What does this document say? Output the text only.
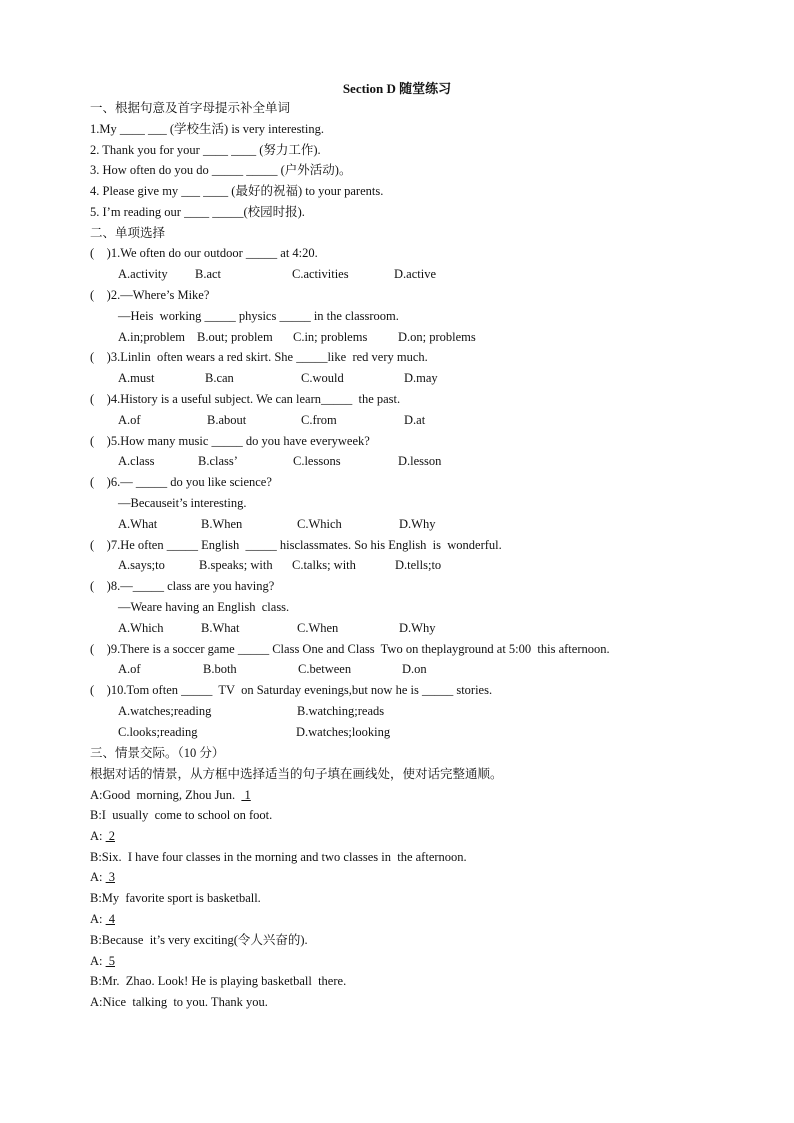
Section D 随堂练习
一、根据句意及首字母提示补全单词
1.My ____ ___ (学校生活) is very interesting.
2. Thank you for your ____ ____ (努力工作).
3. How often do you do _____ _____ (户外活动)。
4. Please give my ___ ____ (最好的祝福) to your parents.
5. I’m reading our ____ _____(校园时报).
二、单项选择
(    )1.We often do our outdoor _____ at 4:20.
A.activity B.act	C.activities	D.active
(    )2.—Where’s Mike?
—Heis  working _____ physics _____ in the classroom.
A.in;problem B.out; problem C.in; problems D.on; problems
(    )3.Linlin  often wears a red skirt. She _____like  red very much.
A.must	B.can	C.would	D.may
(    )4.History is a useful subject. We can learn_____  the past.
A.of	B.about	C.from	D.at
(    )5.How many music _____ do you have everyweek?
A.class	B.class’	C.lessons	D.lesson
(    )6.— _____ do you like science?
—Becauseit’s interesting.
A.What	B.When	C.Which	D.Why
(    )7.He often _____ English  _____ hisclassmates. So his English  is  wonderful.
A.says;to	B.speaks; with C.talks; with	D.tells;to
(    )8.—_____ class are you having?
—Weare having an English  class.
A.Which	B.What	C.When	D.Why
(    )9.There is a soccer game _____ Class One and Class  Two on theplayground at 5:00  this afternoon.
A.of	B.both	C.between	D.on
(    )10.Tom often _____  TV  on Saturday evenings,but now he is _____ stories.
A.watches;reading	B.watching;reads
C.looks;reading	D.watches;looking
三、情景交际。（10 分）
根据对话的情景，从方框中选择适当的句子填在画线处，使对话完整通顺。
A:Good  morning, Zhou Jun.   1
B:I  usually  come to school on foot.
A:  2
B:Six.  I have four classes in the morning and two classes in  the afternoon.
A:  3
B:My  favorite sport is basketball.
A:  4
B:Because  it’s very exciting(令人兴奋的).
A:  5
B:Mr.  Zhao. Look! He is playing basketball  there.
A:Nice  talking  to you. Thank you.
